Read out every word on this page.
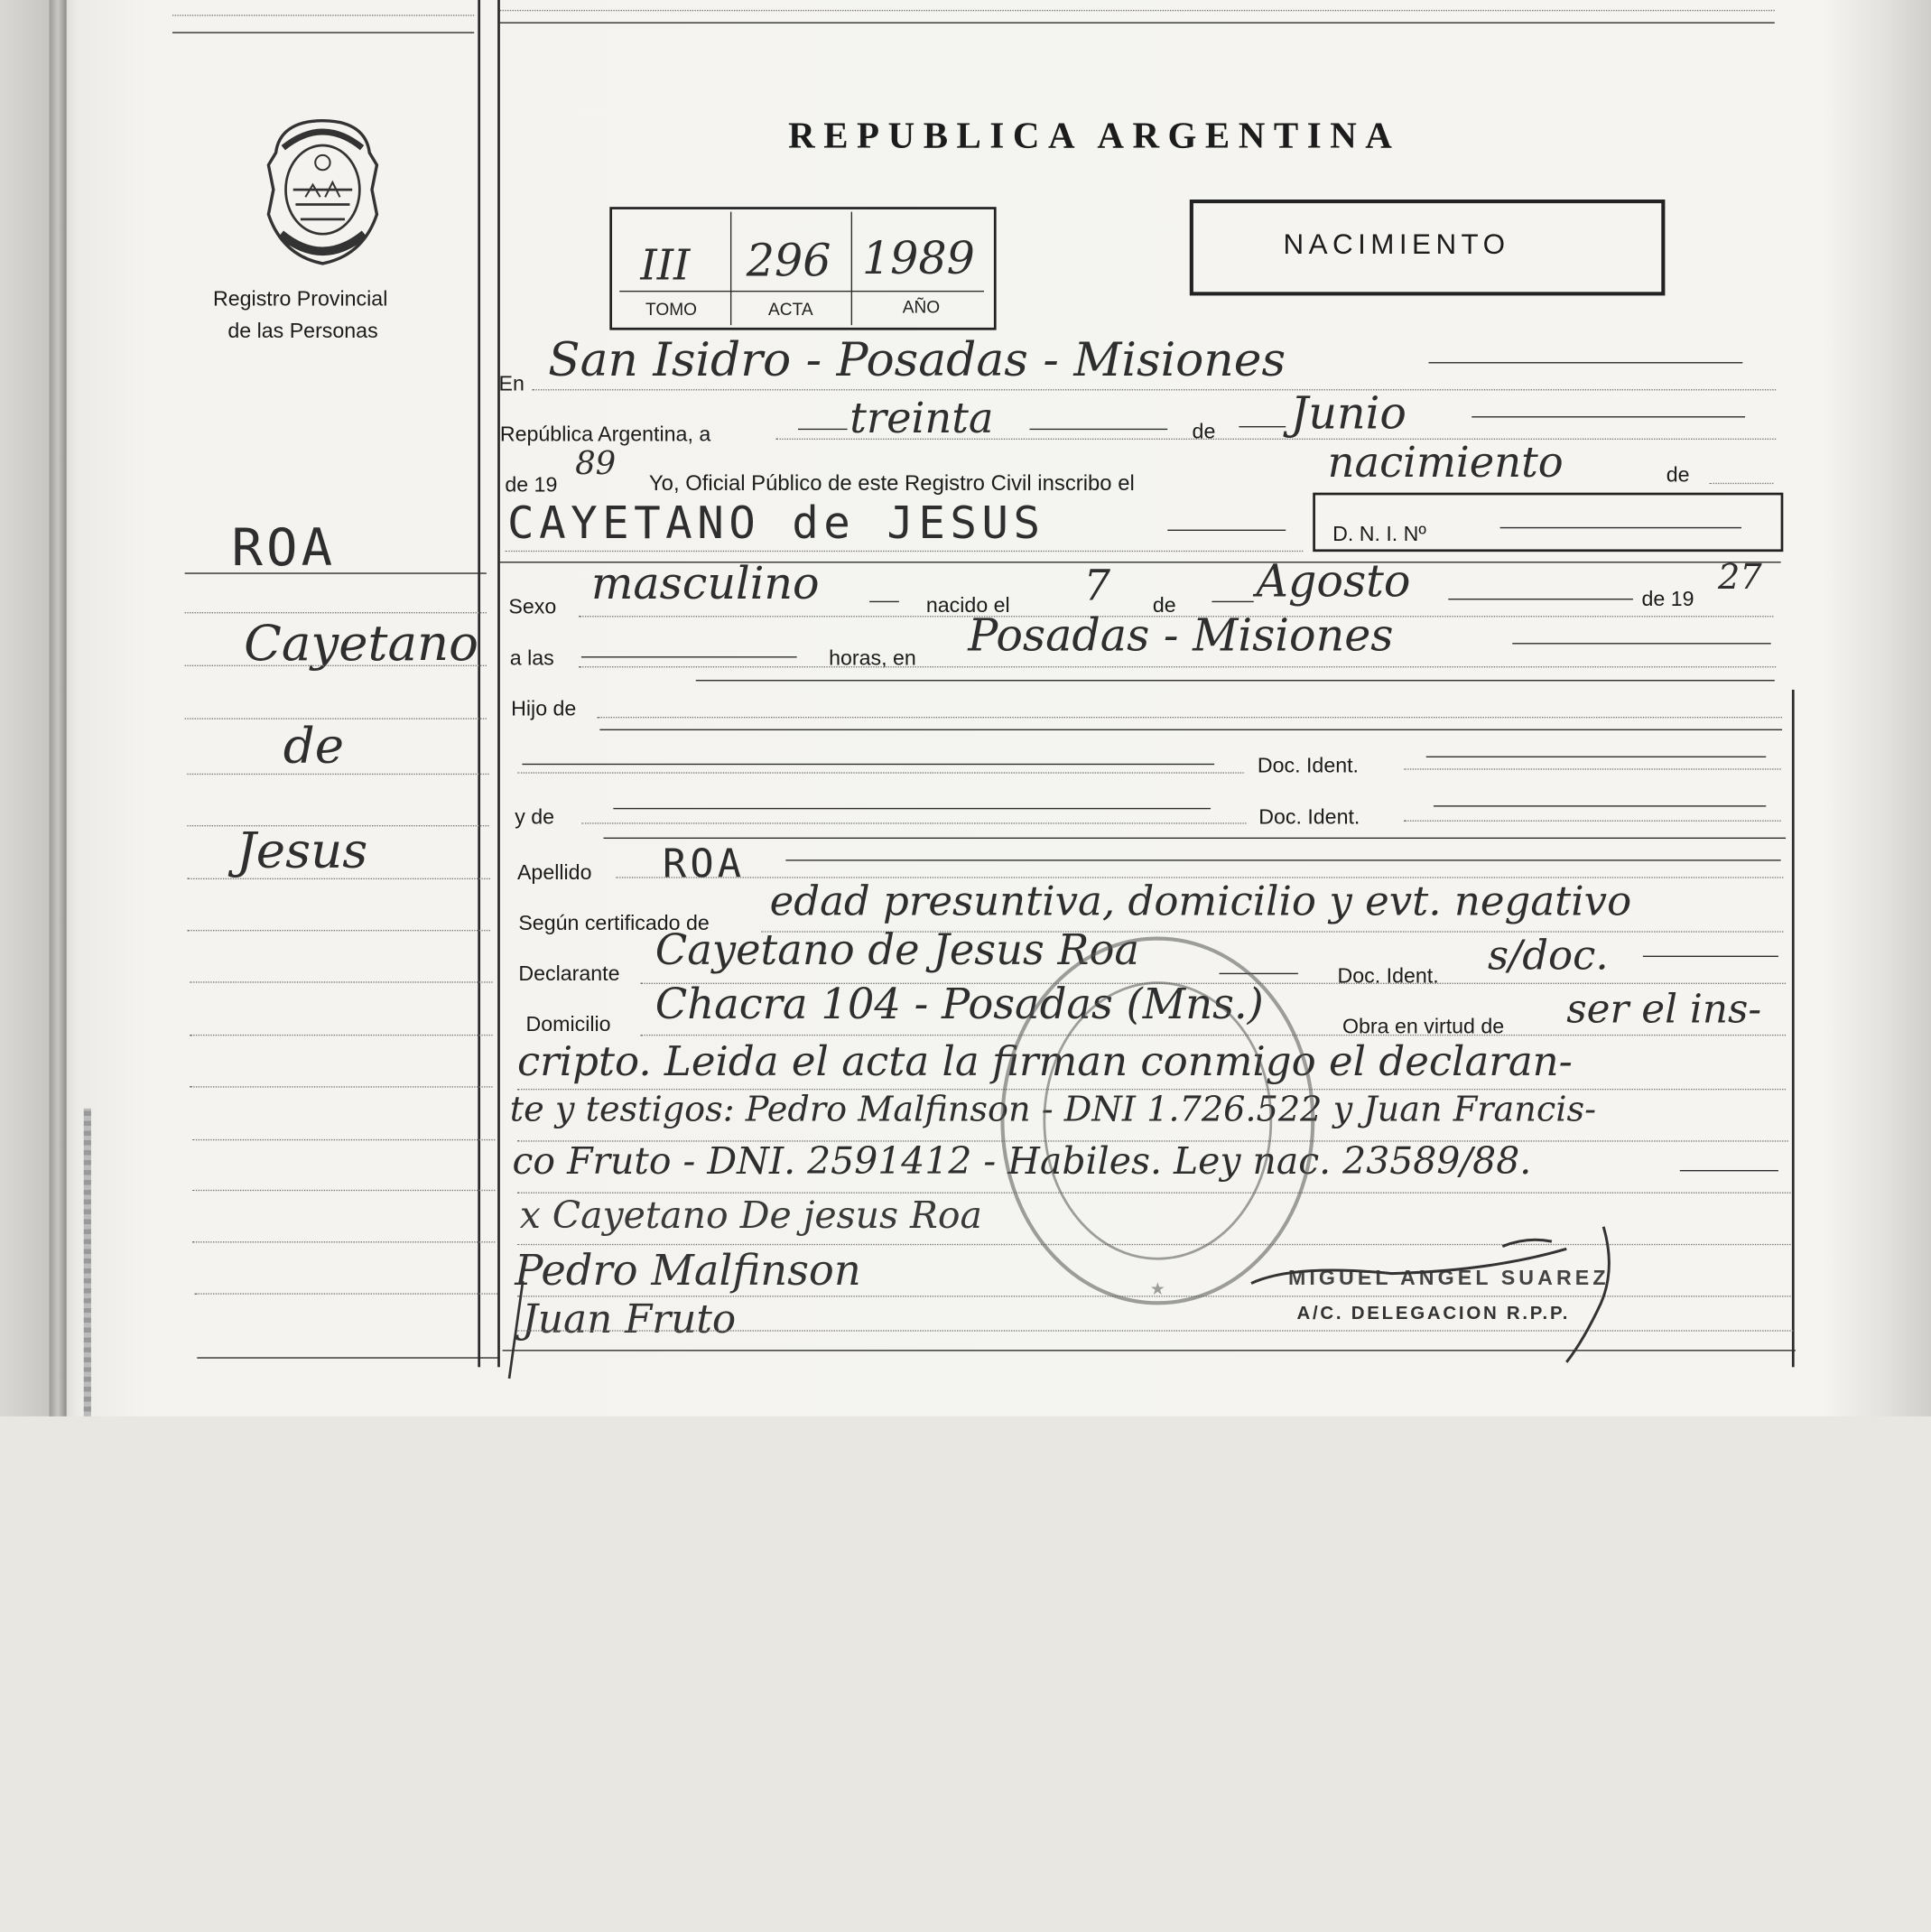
Registro Provincial
de las Personas
REPUBLICA ARGENTINA
III 296 1989
TOMO	ACTA	AÑO
NACIMIENTO
ROA
Cayetano
de
Jesus
En San Isidro - Posadas - Misiones
República Argentina, a	treinta	de Junio
de 19
89 Yo, Oficial Público de este Registro Civil inscribo el	nacimiento	de
CAYETANO de JESUS	D. N. I. Nº
Sexo masculino	nacido el 7	de Agosto	de 19
27
a las	horas, en Posadas - Misiones
Hijo de
Doc. Ident.
y de	Doc. Ident.
Apellido ROA
Según certificado de edad presuntiva, domicilio y evt. negativo
Declarante Cayetano de Jesus Roa
Doc. Ident. s/doc.
Domicilio Chacra 104 - Posadas (Mns.)	Obra en virtud de ser el ins-
cripto. Leida el acta la firman conmigo el declaran-
te y testigos: Pedro Malfinson - DNI 1.726.522 y Juan Francis-
co Fruto - DNI. 2591412 - Habiles. Ley nac. 23589/88.
x Cayetano De jesus Roa
Pedro Malfinson
Juan Fruto
★	MIGUEL ANGEL SUAREZ
A/C. DELEGACION R.P.P.
